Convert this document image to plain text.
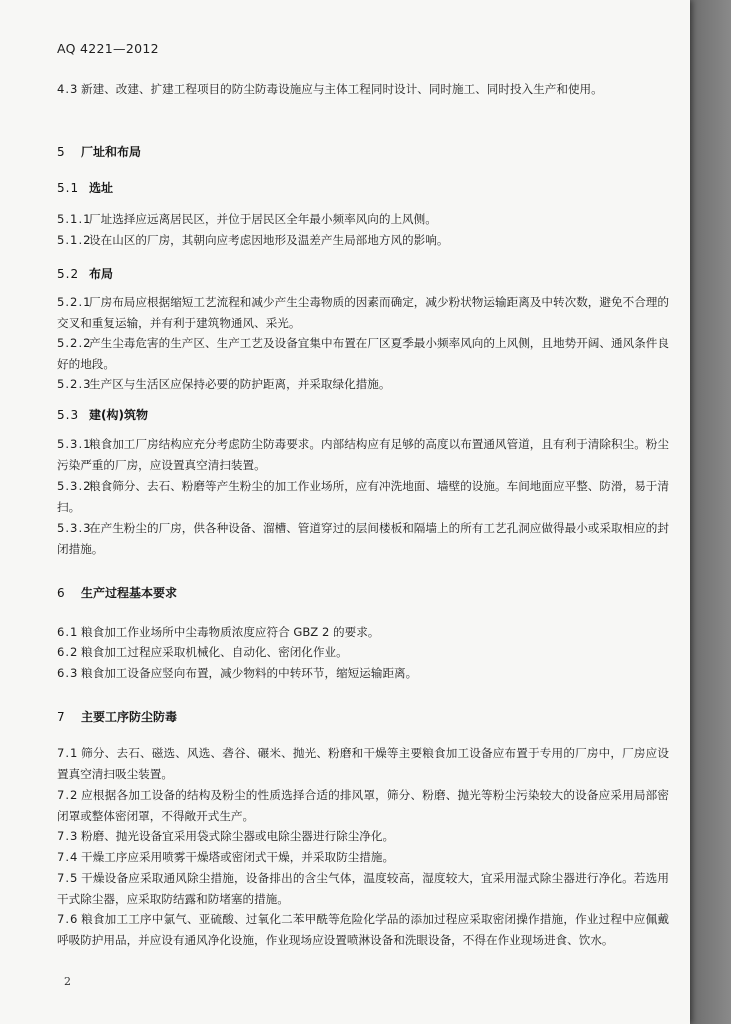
AQ 4221—2012
4.3 新建、改建、扩建工程项目的防尘防毒设施应与主体工程同时设计、同时施工、同时投入生产和使用。
5 厂址和布局
5.1 选址
5.1.1厂址选择应远离居民区，并位于居民区全年最小频率风向的上风侧。
5.1.2设在山区的厂房，其朝向应考虑因地形及温差产生局部地方风的影响。
5.2 布局
5.2.1厂房布局应根据缩短工艺流程和减少产生尘毒物质的因素而确定，减少粉状物运输距离及中转次数，避免不合理的交叉和重复运输，并有利于建筑物通风、采光。
5.2.2产生尘毒危害的生产区、生产工艺及设备宜集中布置在厂区夏季最小频率风向的上风侧，且地势开阔、通风条件良好的地段。
5.2.3生产区与生活区应保持必要的防护距离，并采取绿化措施。
5.3 建(构)筑物
5.3.1粮食加工厂房结构应充分考虑防尘防毒要求。内部结构应有足够的高度以布置通风管道，且有利于清除积尘。粉尘污染严重的厂房，应设置真空清扫装置。
5.3.2粮食筛分、去石、粉磨等产生粉尘的加工作业场所，应有冲洗地面、墙壁的设施。车间地面应平整、防滑，易于清扫。
5.3.3在产生粉尘的厂房，供各种设备、溜槽、管道穿过的层间楼板和隔墙上的所有工艺孔洞应做得最小或采取相应的封闭措施。
6 生产过程基本要求
6.1 粮食加工作业场所中尘毒物质浓度应符合 GBZ 2 的要求。
6.2 粮食加工过程应采取机械化、自动化、密闭化作业。
6.3 粮食加工设备应竖向布置，减少物料的中转环节，缩短运输距离。
7 主要工序防尘防毒
7.1 筛分、去石、磁选、风选、砻谷、碾米、抛光、粉磨和干燥等主要粮食加工设备应布置于专用的厂房中，厂房应设置真空清扫吸尘装置。
7.2 应根据各加工设备的结构及粉尘的性质选择合适的排风罩，筛分、粉磨、抛光等粉尘污染较大的设备应采用局部密闭罩或整体密闭罩，不得敞开式生产。
7.3 粉磨、抛光设备宜采用袋式除尘器或电除尘器进行除尘净化。
7.4 干燥工序应采用喷雾干燥塔或密闭式干燥，并采取防尘措施。
7.5 干燥设备应采取通风除尘措施，设备排出的含尘气体，温度较高，湿度较大，宜采用湿式除尘器进行净化。若选用干式除尘器，应采取防结露和防堵塞的措施。
7.6 粮食加工工序中氯气、亚硫酸、过氧化二苯甲酰等危险化学品的添加过程应采取密闭操作措施，作业过程中应佩戴呼吸防护用品，并应设有通风净化设施，作业现场应设置喷淋设备和洗眼设备，不得在作业现场进食、饮水。
2
